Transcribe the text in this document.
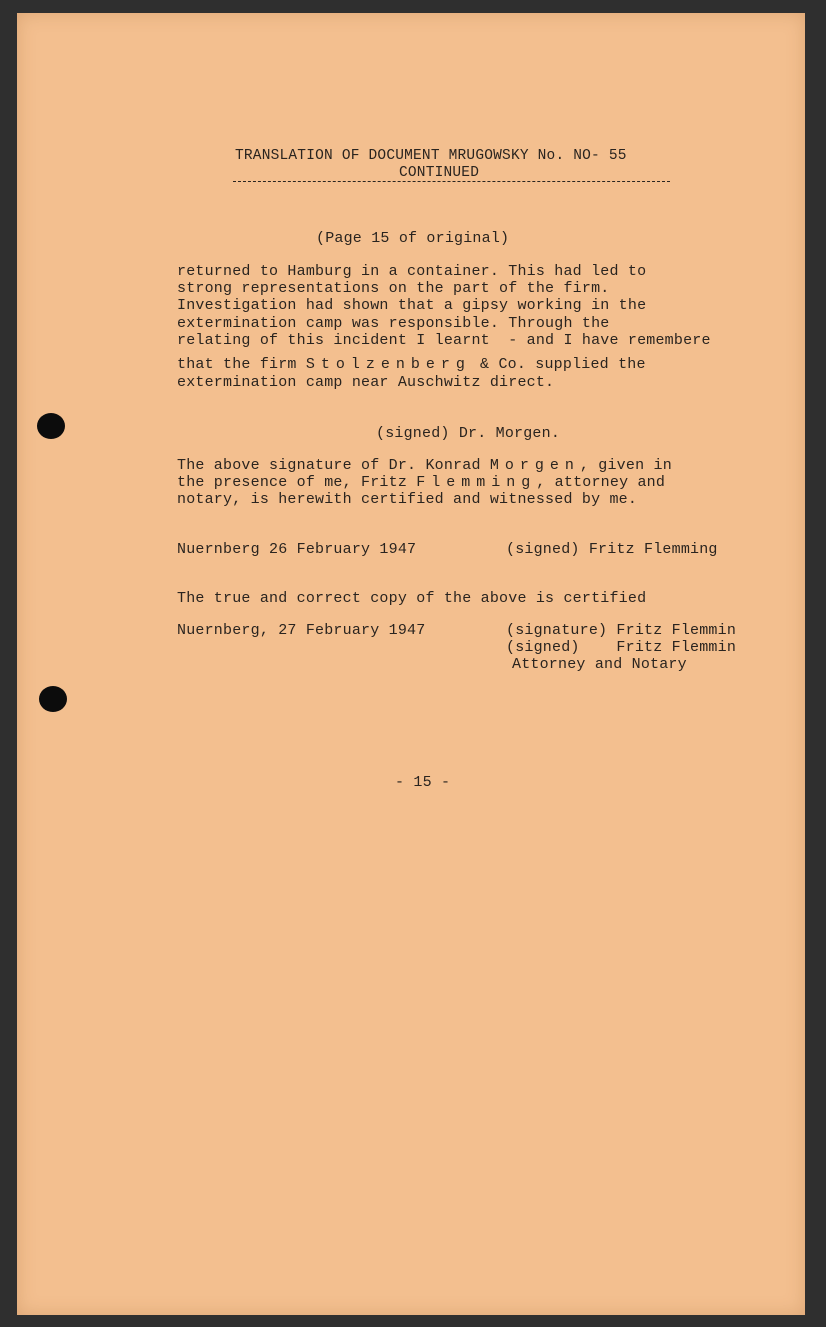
TRANSLATION OF DOCUMENT MRUGOWSKY No. NO- 55
CONTINUED
(Page 15 of original)
returned to Hamburg in a container. This had led to
strong representations on the part of the firm.
Investigation had shown that a gipsy working in the
extermination camp was responsible. Through the
relating of this incident I learnt  - and I have remembere
that the firm Stolzenberg & Co. supplied the
extermination camp near Auschwitz direct.
(signed) Dr. Morgen.
The above signature of Dr. Konrad Morgen, given in
the presence of me, Fritz Flemming, attorney and
notary, is herewith certified and witnessed by me.
Nuernberg 26 February 1947	(signed) Fritz Flemming
The true and correct copy of the above is certified
Nuernberg, 27 February 1947	(signature) Fritz Flemmin
(signed)    Fritz Flemmin
Attorney and Notary
- 15 -
